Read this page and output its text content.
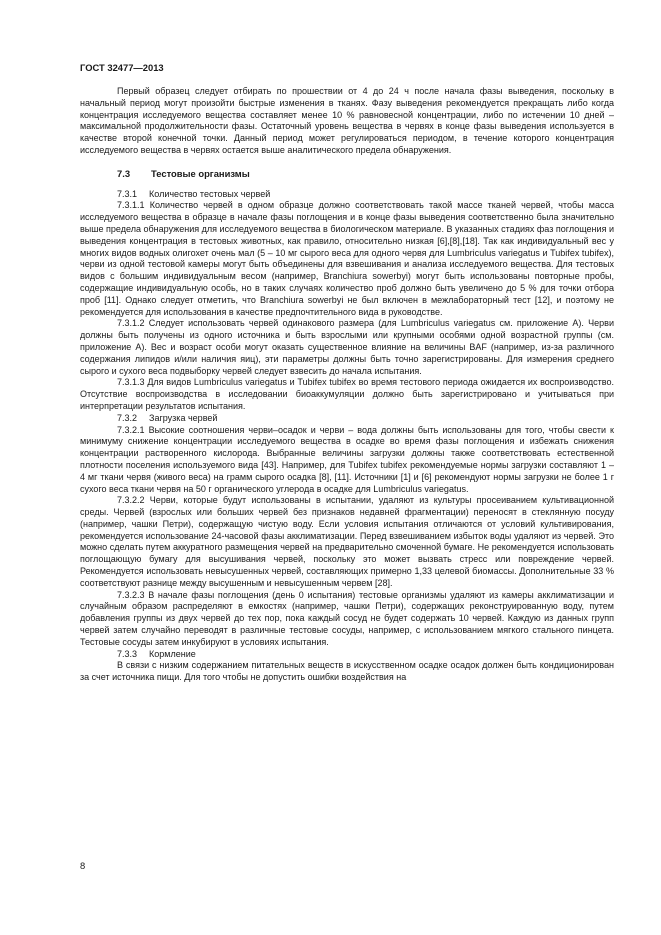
ГОСТ 32477—2013

Первый образец следует отбирать по прошествии от 4 до 24 ч после начала фазы выведения, поскольку в начальный период могут произойти быстрые изменения в тканях. Фазу выведения рекомендуется прекращать либо когда концентрация исследуемого вещества составляет менее 10 % равновесной концентрации, либо по истечении 10 дней – максимальной продолжительности фазы. Остаточный уровень вещества в червях в конце фазы выведения используется в качестве второй конечной точки. Данный период может регулироваться периодом, в течение которого концентрация исследуемого вещества в червях остается выше аналитического предела обнаружения.

7.3 Тестовые организмы

7.3.1 Количество тестовых червей

7.3.1.1 Количество червей в одном образце должно соответствовать такой массе тканей червей, чтобы масса исследуемого вещества в образце в начале фазы поглощения и в конце фазы выведения соответственно была значительно выше предела обнаружения для исследуемого вещества в биологическом материале. В указанных стадиях фаз поглощения и выведения концентрация в тестовых животных, как правило, относительно низкая [6],[8],[18]. Так как индивидуальный вес у многих видов водных олигохет очень мал (5 – 10 мг сырого веса для одного червя для Lumbriculus variegatus и Tubifex tubifex), черви из одной тестовой камеры могут быть объединены для взвешивания и анализа исследуемого вещества. Для тестовых видов с большим индивидуальным весом (например, Branchiura sowerbyi) могут быть использованы повторные пробы, содержащие индивидуальную особь, но в таких случаях количество проб должно быть увеличено до 5 % для точки отбора проб [11]. Однако следует отметить, что Branchiura sowerbyi не был включен в межлабораторный тест [12], и поэтому не рекомендуется для использования в качестве предпочтительного вида в руководстве.

7.3.1.2 Следует использовать червей одинакового размера (для Lumbriculus variegatus см. приложение А). Черви должны быть получены из одного источника и быть взрослыми или крупными особями одной возрастной группы (см. приложение А). Вес и возраст особи могут оказать существенное влияние на величины BAF (например, из-за различного содержания липидов и/или наличия яиц), эти параметры должны быть точно зарегистрированы. Для измерения среднего сырого и сухого веса подвыборку червей следует взвесить до начала испытания.

7.3.1.3 Для видов Lumbriculus variegatus и Tubifex tubifex во время тестового периода ожидается их воспроизводство. Отсутствие воспроизводства в исследовании биоаккумуляции должно быть зарегистрировано и учитываться при интерпретации результатов испытания.

7.3.2 Загрузка червей

7.3.2.1 Высокие соотношения черви–осадок и черви – вода должны быть использованы для того, чтобы свести к минимуму снижение концентрации исследуемого вещества в осадке во время фазы поглощения и избежать снижения концентрации растворенного кислорода. Выбранные величины загрузки должны также соответствовать естественной плотности поселения используемого вида [43]. Например, для Tubifex tubifex рекомендуемые нормы загрузки составляют 1 – 4 мг ткани червя (живого веса) на грамм сырого осадка [8], [11]. Источники [1] и [6] рекомендуют нормы загрузки не более 1 г сухого веса ткани червя на 50 г органического углерода в осадке для Lumbriculus variegatus.

7.3.2.2 Черви, которые будут использованы в испытании, удаляют из культуры просеиванием культивационной среды. Червей (взрослых или больших червей без признаков недавней фрагментации) переносят в стеклянную посуду (например, чашки Петри), содержащую чистую воду. Если условия испытания отличаются от условий культивирования, рекомендуется использование 24-часовой фазы акклиматизации. Перед взвешиванием избыток воды удаляют из червей. Это можно сделать путем аккуратного размещения червей на предварительно смоченной бумаге. Не рекомендуется использовать поглощающую бумагу для высушивания червей, поскольку это может вызвать стресс или повреждение червей. Рекомендуется использовать невысушенных червей, составляющих примерно 1,33 целевой биомассы. Дополнительные 33 % соответствуют разнице между высушенным и невысушенным червем [28].

7.3.2.3 В начале фазы поглощения (день 0 испытания) тестовые организмы удаляют из камеры акклиматизации и случайным образом распределяют в емкостях (например, чашки Петри), содержащих реконструированную воду, путем добавления группы из двух червей до тех пор, пока каждый сосуд не будет содержать 10 червей. Каждую из данных групп червей затем случайно переводят в различные тестовые сосуды, например, с использованием мягкого стального пинцета. Тестовые сосуды затем инкубируют в условиях испытания.

7.3.3 Кормление

В связи с низким содержанием питательных веществ в искусственном осадке осадок должен быть кондиционирован за счет источника пищи. Для того чтобы не допустить ошибки воздействия на

8
